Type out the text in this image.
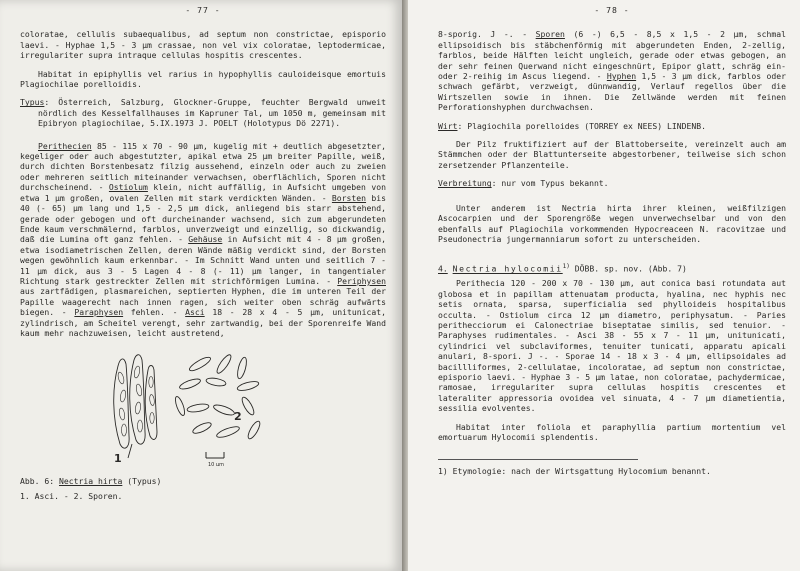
- 77 -

coloratae, cellulis subaequalibus, ad septum non constrictae, episporio laevi. - Hyphae 1,5 - 3 µm crassae, non vel vix coloratae, leptodermicae, irregulariter supra intraque cellulas hospitis crescentes.

Habitat in epiphyllis vel rarius in hypophyllis cauloideisque emortuis Plagiochilae porelloidis.

Typus: Österreich, Salzburg, Glockner-Gruppe, feuchter Bergwald unweit nördlich des Kesselfallhauses im Kapruner Tal, um 1050 m, gemeinsam mit Epibryon plagiochilae, 5.IX.1973 J. POELT (Holotypus Dö 2271).

Perithecien 85 - 115 x 70 - 90 µm, kugelig mit + deutlich abgesetzter, kegeliger oder auch abgestutzter, apikal etwa 25 µm breiter Papille, weiß, durch dichten Borstenbesatz filzig aussehend, einzeln oder auch zu zweien oder mehreren seitlich miteinander verwachsen, oberflächlich, Sporen nicht durchscheinend. - Ostiolum klein, nicht auffällig, in Aufsicht umgeben von etwa 1 µm großen, ovalen Zellen mit stark verdickten Wänden. - Borsten bis 40 (- 65) µm lang und 1,5 - 2,5 µm dick, anliegend bis starr abstehend, gerade oder gebogen und oft durcheinander wachsend, sich zum abgerundeten Ende kaum verschmälernd, farblos, unverzweigt und einzellig, so dickwandig, daß die Lumina oft ganz fehlen. - Gehäuse in Aufsicht mit 4 - 8 µm großen, etwa isodiametrischen Zellen, deren Wände mäßig verdickt sind, der Borsten wegen gewöhnlich kaum erkennbar. - Im Schnitt Wand unten und seitlich 7 - 11 µm dick, aus 3 - 5 Lagen 4 - 8 (- 11) µm langer, in tangentialer Richtung stark gestreckter Zellen mit strichförmigen Lumina. - Periphysen aus zartfädigen, plasmareichen, septierten Hyphen, die im unteren Teil der Papille waagerecht nach innen ragen, sich weiter oben schräg aufwärts biegen. - Paraphysen fehlen. - Asci 18 - 28 x 4 - 5 µm, unitunicat, zylindrisch, am Scheitel verengt, sehr zartwandig, bei der Sporenreife Wand kaum mehr nachzuweisen, leicht austretend,

1
2
10 µm
Abb. 6: Nectria hirta (Typus)
1. Asci. - 2. Sporen.
- 78 -

8-sporig. J -. - Sporen (6 -) 6,5 - 8,5 x 1,5 - 2 µm, schmal ellipsoidisch bis stäbchenförmig mit abgerundeten Enden, 2-zellig, farblos, beide Hälften leicht ungleich, gerade oder etwas gebogen, an der sehr feinen Querwand nicht eingeschnürt, Epipor glatt, schräg ein- oder 2-reihig im Ascus liegend. - Hyphen 1,5 - 3 µm dick, farblos oder schwach gefärbt, verzweigt, dünnwandig, Verlauf regellos über die Wirtszellen sowie in ihnen. Die Zellwände werden mit feinen Perforationshyphen durchwachsen.

Wirt: Plagiochila porelloides (TORREY ex NEES) LINDENB.

Der Pilz fruktifiziert auf der Blattoberseite, vereinzelt auch am Stämmchen oder der Blattunterseite abgestorbener, teilweise sich schon zersetzender Pflanzenteile.

Verbreitung: nur vom Typus bekannt.

Unter anderem ist Nectria hirta ihrer kleinen, weißfilzigen Ascocarpien und der Sporengröße wegen unverwechselbar und von den ebenfalls auf Plagiochila vorkommenden Hypocreaceen N. racovitzae und Pseudonectria jungermanniarum sofort zu unterscheiden.

4. Nectria hylocomii$^{1)}$ DÖBB. sp. nov. (Abb. 7)

Perithecia 120 - 200 x 70 - 130 µm, aut conica basi rotundata aut globosa et in papillam attenuatam producta, hyalina, nec hyphis nec setis ornata, sparsa, superficialia sed phylloideis hospitalibus occulta. - Ostiolum circa 12 µm diametro, periphysatum. - Paries perithecciorum ei Calonectriae biseptatae similis, sed tenuior. - Paraphyses rudimentales. - Asci 38 - 55 x 7 - 11 µm, unitunicati, cylindrici vel subclaviformes, tenuiter tunicati, apparatu apicali anulari, 8-spori. J -. - Sporae 14 - 18 x 3 - 4 µm, ellipsoidales ad bacillliformes, 2-cellulatae, incoloratae, ad septum non constrictae, episporio laevi. - Hyphae 3 - 5 µm latae, non coloratae, pachydermicae, ramosae, irregulariter supra cellulas hospitis crescentes et lateraliter appressoria ovoidea vel sinuata, 4 - 7 µm diametientia, sessilia evolventes.

Habitat inter foliola et paraphyllia partium mortentium vel emortuarum Hylocomii splendentis.

1) Etymologie: nach der Wirtsgattung Hylocomium benannt.
